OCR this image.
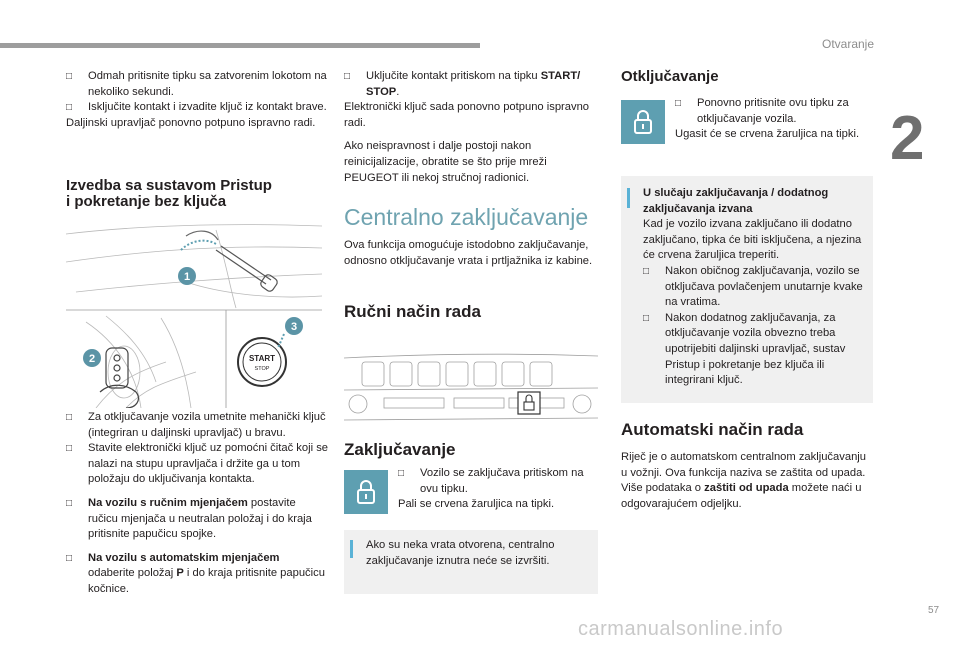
Otvaranje
2
57
carmanualsonline.info
□ Odmah pritisnite tipku sa zatvorenim lokotom na nekoliko sekundi.
□ Isključite kontakt i izvadite ključ iz kontakt brave.
Daljinski upravljač ponovno potpuno ispravno radi.
Izvedba sa sustavom Pristup
i pokretanje bez ključa
START
STOP
1
2
3
□ Za otključavanje vozila umetnite mehanički ključ (integriran u daljinski upravljač) u bravu.
□ Stavite elektronički ključ uz pomoćni čitač koji se nalazi na stupu upravljača i držite ga u tom položaju do uključivanja kontakta.
□ Na vozilu s ručnim mjenjačem postavite ručicu mjenjača u neutralan položaj i do kraja pritisnite papučicu spojke.
□ Na vozilu s automatskim mjenjačem odaberite položaj P i do kraja pritisnite papučicu kočnice.
□ Uključite kontakt pritiskom na tipku START/ STOP.
Elektronički ključ sada ponovno potpuno ispravno radi.
Ako neispravnost i dalje postoji nakon reinicijalizacije, obratite se što prije mreži PEUGEOT ili nekoj stručnoj radionici.
Centralno zaključavanje
Ova funkcija omogućuje istodobno zaključavanje, odnosno otključavanje vrata i prtljažnika iz kabine.
Ručni način rada
Zaključavanje
□ Vozilo se zaključava pritiskom na ovu tipku.
Pali se crvena žaruljica na tipki.
Ako su neka vrata otvorena, centralno zaključavanje iznutra neće se izvršiti.
Otključavanje
□ Ponovno pritisnite ovu tipku za otključavanje vozila.
Ugasit će se crvena žaruljica na tipki.
U slučaju zaključavanja / dodatnog zaključavanja izvana
Kad je vozilo izvana zaključano ili dodatno zaključano, tipka će biti isključena, a njezina će crvena žaruljica treperiti.
□ Nakon običnog zaključavanja, vozilo se otključava povlačenjem unutarnje kvake na vratima.
□ Nakon dodatnog zaključavanja, za otključavanje vozila obvezno treba upotrijebiti daljinski upravljač, sustav Pristup i pokretanje bez ključa ili integrirani ključ.
Automatski način rada
Riječ je o automatskom centralnom zaključavanju u vožnji. Ova funkcija naziva se zaštita od upada.
Više podataka o zaštiti od upada možete naći u odgovarajućem odjeljku.
